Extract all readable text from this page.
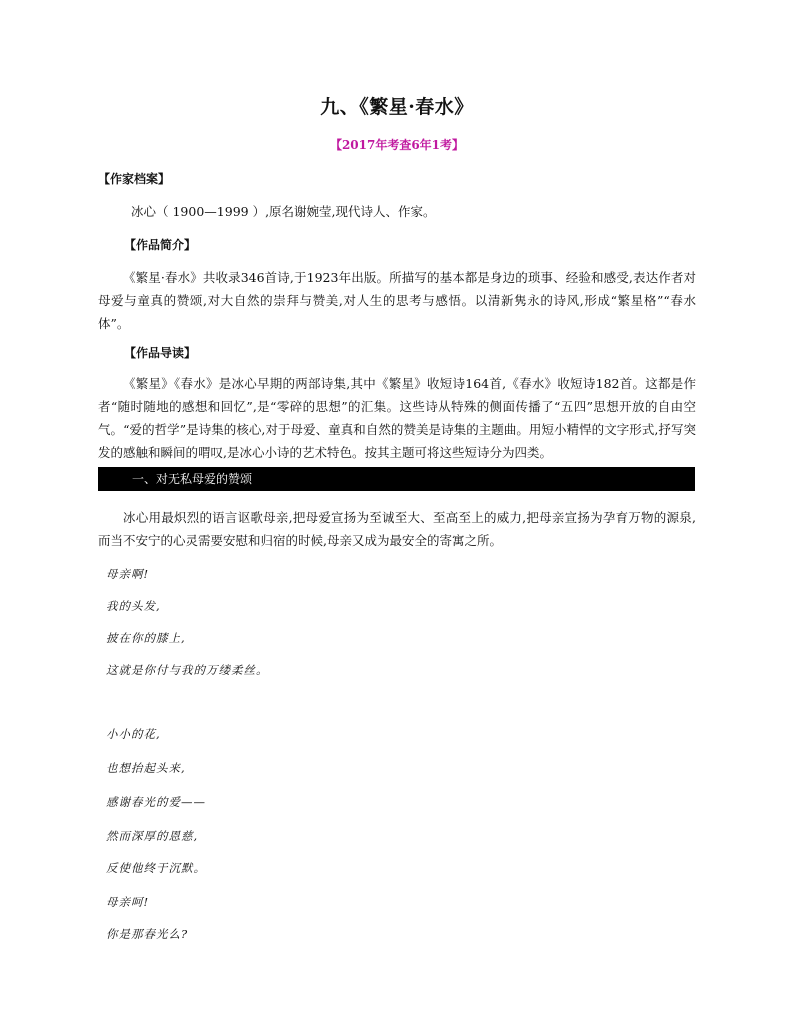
九、《繁星·春水》
【2017年考查6年1考】
【作家档案】

冰心（ 1900—1999 ）,原名谢婉莹,现代诗人、作家。

【作品简介】

《繁星·春水》共收录346首诗,于1923年出版。所描写的基本都是身边的琐事、经验和感受,表达作者对母爱与童真的赞颂,对大自然的崇拜与赞美,对人生的思考与感悟。以清新隽永的诗风,形成“繁星格”“春水体”。

【作品导读】

《繁星》《春水》是冰心早期的两部诗集,其中《繁星》收短诗164首,《春水》收短诗182首。这都是作者“随时随地的感想和回忆”,是“零碎的思想”的汇集。这些诗从特殊的侧面传播了“五四”思想开放的自由空气。“爱的哲学”是诗集的核心,对于母爱、童真和自然的赞美是诗集的主题曲。用短小精悍的文字形式,抒写突发的感触和瞬间的喟叹,是冰心小诗的艺术特色。按其主题可将这些短诗分为四类。

一、对无私母爱的赞颂

冰心用最炽烈的语言讴歌母亲,把母爱宣扬为至诚至大、至高至上的威力,把母亲宣扬为孕育万物的源泉,而当不安宁的心灵需要安慰和归宿的时候,母亲又成为最安全的寄寓之所。

母亲啊!
我的头发,
披在你的膝上,
这就是你付与我的万缕柔丝。
小小的花,
也想抬起头来,
感谢春光的爱——
然而深厚的恩慈,
反使他终于沉默。
母亲呵!
你是那春光么?
